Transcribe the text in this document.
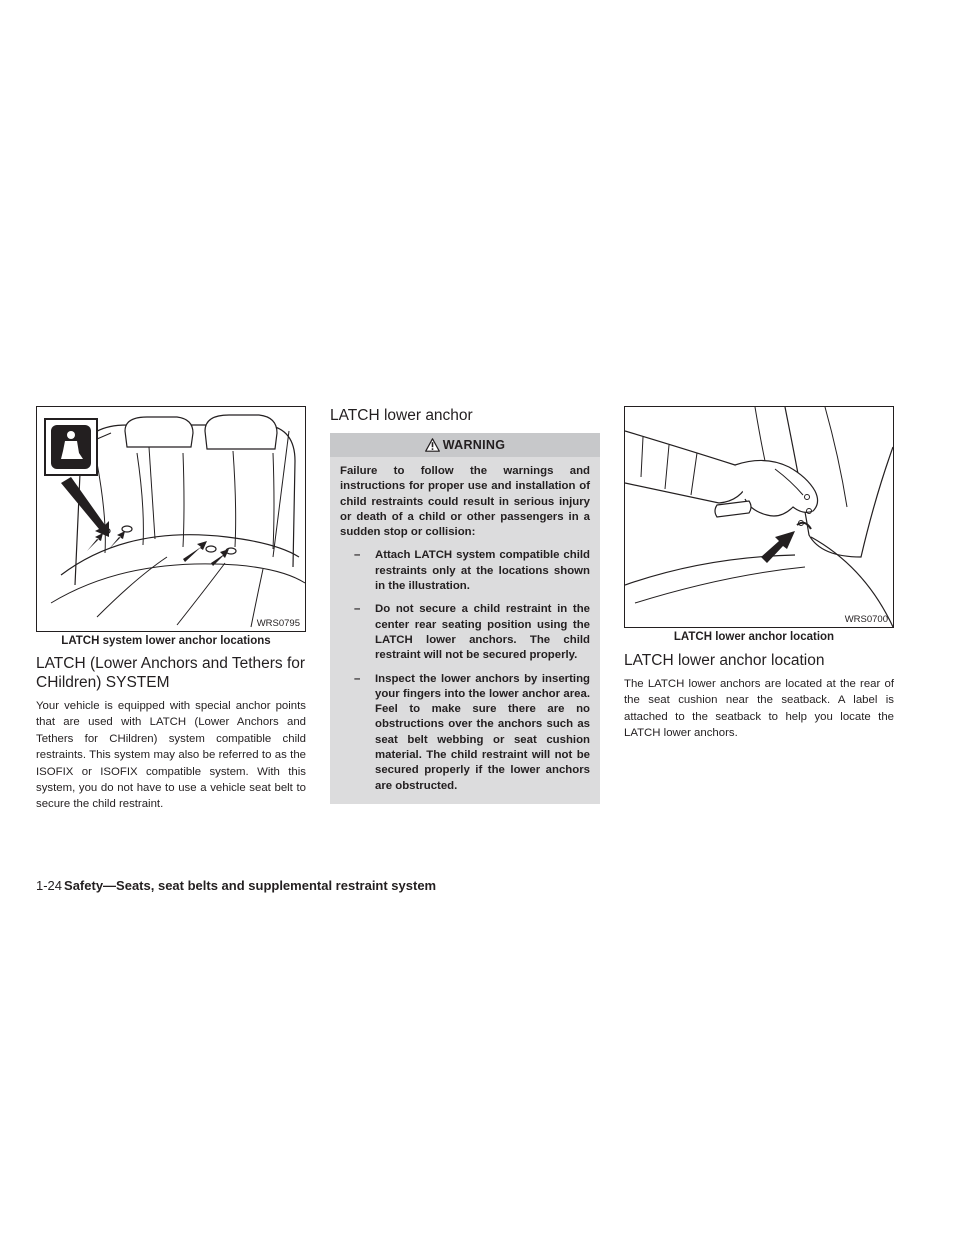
WRS0795
LATCH system lower anchor locations
LATCH (Lower Anchors and Tethers for CHildren) SYSTEM

Your vehicle is equipped with special anchor points that are used with LATCH (Lower Anchors and Tethers for CHildren) system compatible child restraints. This system may also be referred to as the ISOFIX or ISOFIX compatible system. With this system, you do not have to use a vehicle seat belt to secure the child restraint.

LATCH lower anchor
WARNING

Failure to follow the warnings and instructions for proper use and installation of child restraints could result in serious injury or death of a child or other passengers in a sudden stop or collision:

– Attach LATCH system compatible child restraints only at the locations shown in the illustration.
– Do not secure a child restraint in the center rear seating position using the LATCH lower anchors. The child restraint will not be secured properly.
– Inspect the lower anchors by inserting your fingers into the lower anchor area. Feel to make sure there are no obstructions over the anchors such as seat belt webbing or seat cushion material. The child restraint will not be secured properly if the lower anchors are obstructed.
WRS0700
LATCH lower anchor location
LATCH lower anchor location

The LATCH lower anchors are located at the rear of the seat cushion near the seatback. A label is attached to the seatback to help you locate the LATCH lower anchors.

1-24 Safety—Seats, seat belts and supplemental restraint system
